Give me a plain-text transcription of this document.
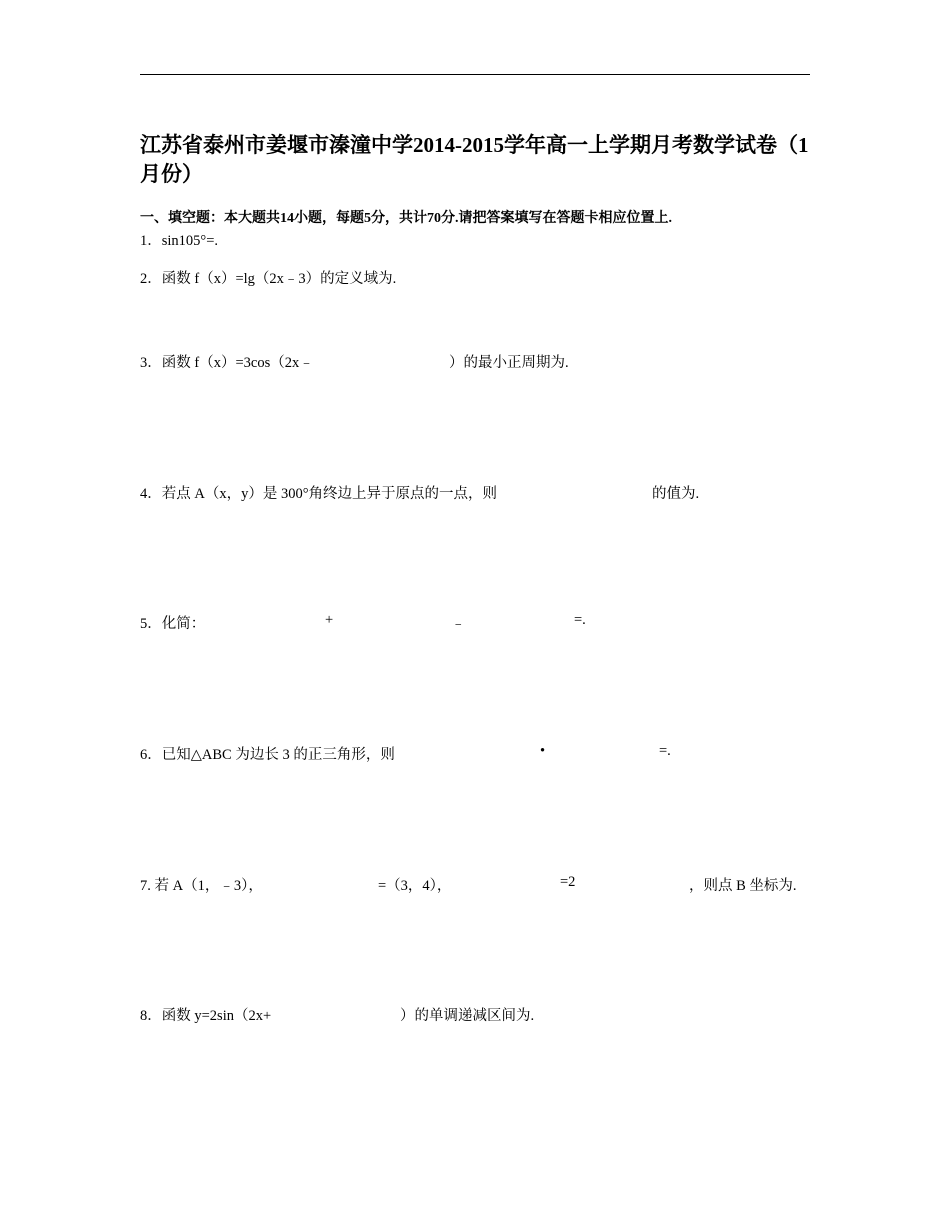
江苏省泰州市姜堰市溱潼中学2014-2015学年高一上学期月考数学试卷（1月份）
一、填空题：本大题共14小题，每题5分，共计70分.请把答案填写在答题卡相应位置上.
1．sin105°=.
2．函数 f（x）=lg（2x﹣3）的定义域为.
3．函数 f（x）=3cos（2x﹣	）的最小正周期为.
4．若点 A（x，y）是 300°角终边上异于原点的一点，则	的值为.
5．化简：	+	﹣	=.
6．已知△ABC 为边长 3 的正三角形，则	•	=.
7. 若 A（1，﹣3），	=（3，4），	=2	，则点 B 坐标为.
8．函数 y=2sin（2x+	）的单调递减区间为.
